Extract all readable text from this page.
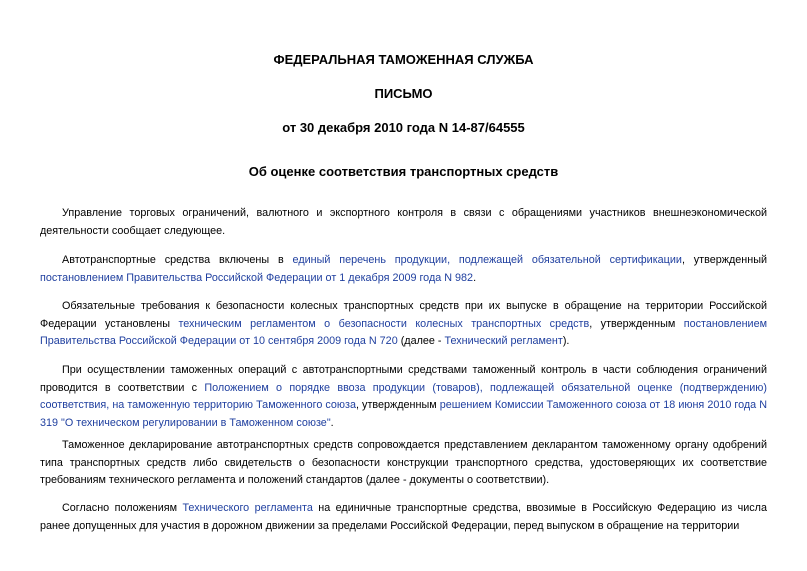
ФЕДЕРАЛЬНАЯ ТАМОЖЕННАЯ СЛУЖБА
ПИСЬМО
от 30 декабря 2010 года N 14-87/64555
Об оценке соответствия транспортных средств
Управление торговых ограничений, валютного и экспортного контроля в связи с обращениями участников внешнеэкономической деятельности сообщает следующее.
Автотранспортные средства включены в единый перечень продукции, подлежащей обязательной сертификации, утвержденный постановлением Правительства Российской Федерации от 1 декабря 2009 года N 982.
Обязательные требования к безопасности колесных транспортных средств при их выпуске в обращение на территории Российской Федерации установлены техническим регламентом о безопасности колесных транспортных средств, утвержденным постановлением Правительства Российской Федерации от 10 сентября 2009 года N 720 (далее - Технический регламент).
При осуществлении таможенных операций с автотранспортными средствами таможенный контроль в части соблюдения ограничений проводится в соответствии с Положением о порядке ввоза продукции (товаров), подлежащей обязательной оценке (подтверждению) соответствия, на таможенную территорию Таможенного союза, утвержденным решением Комиссии Таможенного союза от 18 июня 2010 года N 319 "О техническом регулировании в Таможенном союзе".
Таможенное декларирование автотранспортных средств сопровождается представлением декларантом таможенному органу одобрений типа транспортных средств либо свидетельств о безопасности конструкции транспортного средства, удостоверяющих их соответствие требованиям технического регламента и положений стандартов (далее - документы о соответствии).
Согласно положениям Технического регламента на единичные транспортные средства, ввозимые в Российскую Федерацию из числа ранее допущенных для участия в дорожном движении за пределами Российской Федерации, перед выпуском в обращение на территории
